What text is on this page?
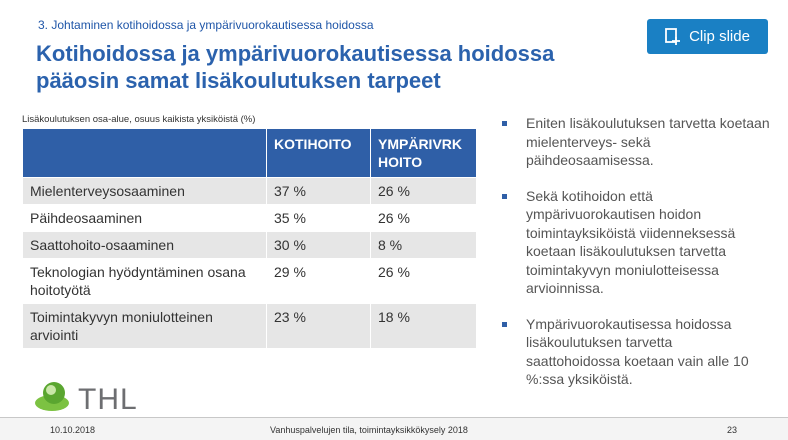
3. Johtaminen kotihoidossa ja ympärivuorokautisessa hoidossa
Kotihoidossa ja ympärivuorokautisessa hoidossa
pääosin samat lisäkoulutuksen tarpeet
Clip slide
Lisäkoulutuksen osa-alue, osuus kaikista yksiköistä (%)
	KOTIHOITO	YMPÄRIVRK HOITO
Mielenterveysosaaminen	37 %	26 %
Päihdeosaaminen	35 %	26 %
Saattohoito-osaaminen	30 %	8 %
Teknologian hyödyntäminen osana hoitotyötä	29 %	26 %
Toimintakyvyn moniulotteinen arviointi	23 %	18 %
Eniten lisäkoulutuksen tarvetta koetaan mielenterveys- sekä päihdeosaamisessa.
Sekä kotihoidon että ympärivuorokautisen hoidon toimintayksiköistä viidenneksessä koetaan lisäkoulutuksen tarvetta toimintakyvyn moniulotteisessa arvioinnissa.
Ympärivuorokautisessa hoidossa lisäkoulutuksen tarvetta saattohoidossa koetaan vain alle 10 %:ssa yksiköistä.
THL
10.10.2018	Vanhuspalvelujen tila, toimintayksikkökysely 2018	23
